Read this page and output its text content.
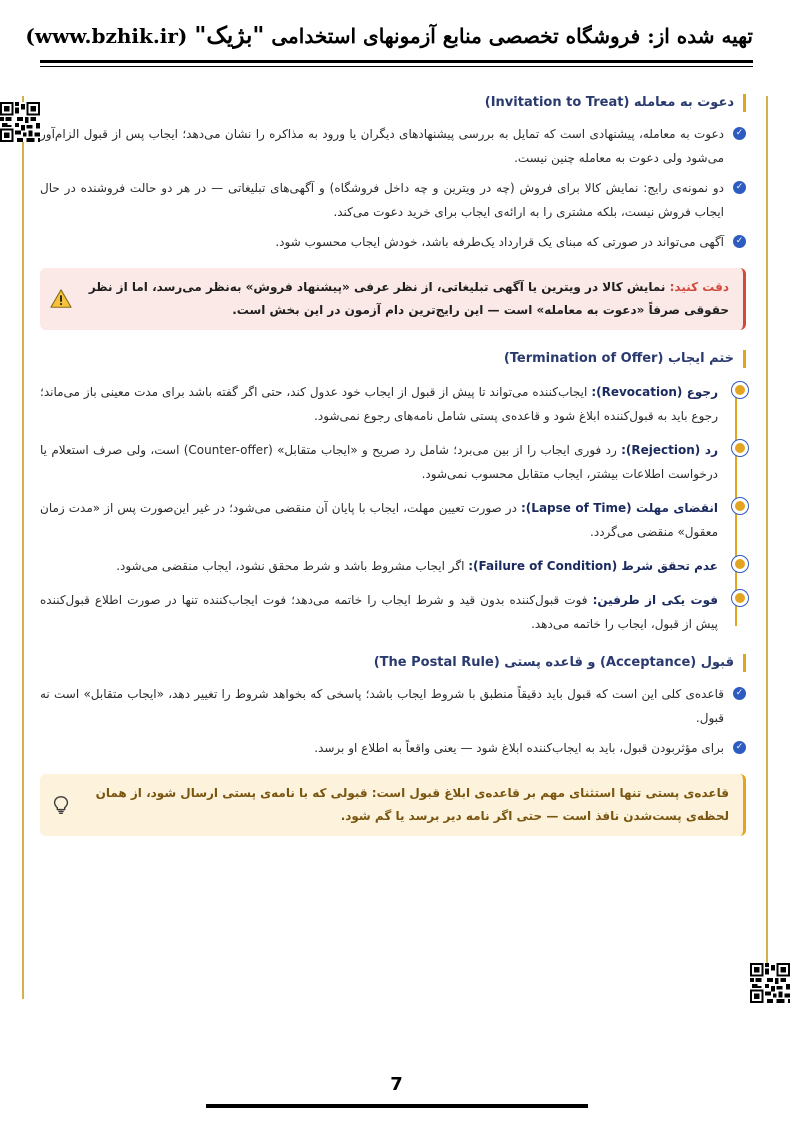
تهیه شده از: فروشگاه تخصصی منابع آزمونهای استخدامی "بژیک" (www.bzhik.ir)
دعوت به معامله (Invitation to Treat)
✓
دعوت به معامله، پیشنهادی است که تمایل به بررسی پیشنهادهای دیگران یا ورود به مذاکره را نشان می‌دهد؛ ایجاب پس از قبول الزام‌آور می‌شود ولی دعوت به معامله چنین نیست.
✓
دو نمونه‌ی رایج: نمایش کالا برای فروش (چه در ویترین و چه داخل فروشگاه) و آگهی‌های تبلیغاتی — در هر دو حالت فروشنده در حال ایجاب فروش نیست، بلکه مشتری را به ارائه‌ی ایجاب برای خرید دعوت می‌کند.
✓
آگهی می‌تواند در صورتی که مبنای یک قرارداد یک‌طرفه باشد، خودش ایجاب محسوب شود.
دقت کنید: نمایش کالا در ویترین یا آگهی تبلیغاتی، از نظر عرفی «پیشنهاد فروش» به‌نظر می‌رسد، اما از نظر حقوقی صرفاً «دعوت به معامله» است — این رایج‌ترین دام آزمون در این بخش است.
ختم ایجاب (Termination of Offer)
رجوع (Revocation): ایجاب‌کننده می‌تواند تا پیش از قبول از ایجاب خود عدول کند، حتی اگر گفته باشد برای مدت معینی باز می‌ماند؛ رجوع باید به قبول‌کننده ابلاغ شود و قاعده‌ی پستی شامل نامه‌های رجوع نمی‌شود.
رد (Rejection): رد فوری ایجاب را از بین می‌برد؛ شامل رد صریح و «ایجاب متقابل» (Counter-offer) است، ولی صرف استعلام یا درخواست اطلاعات بیشتر، ایجاب متقابل محسوب نمی‌شود.
انقضای مهلت (Lapse of Time): در صورت تعیین مهلت، ایجاب با پایان آن منقضی می‌شود؛ در غیر این‌صورت پس از «مدت زمان معقول» منقضی می‌گردد.
عدم تحقق شرط (Failure of Condition): اگر ایجاب مشروط باشد و شرط محقق نشود، ایجاب منقضی می‌شود.
فوت یکی از طرفین: فوت قبول‌کننده بدون قید و شرط ایجاب را خاتمه می‌دهد؛ فوت ایجاب‌کننده تنها در صورت اطلاع قبول‌کننده پیش از قبول، ایجاب را خاتمه می‌دهد.
قبول (Acceptance) و قاعده پستی (The Postal Rule)
✓
قاعده‌ی کلی این است که قبول باید دقیقاً منطبق با شروط ایجاب باشد؛ پاسخی که بخواهد شروط را تغییر دهد، «ایجاب متقابل» است نه قبول.
✓
برای مؤثربودن قبول، باید به ایجاب‌کننده ابلاغ شود — یعنی واقعاً به اطلاع او برسد.
قاعده‌ی پستی تنها استثنای مهم بر قاعده‌ی ابلاغ قبول است: قبولی که با نامه‌ی پستی ارسال شود، از همان لحظه‌ی پست‌شدن نافذ است — حتی اگر نامه دیر برسد یا گم شود.
7
